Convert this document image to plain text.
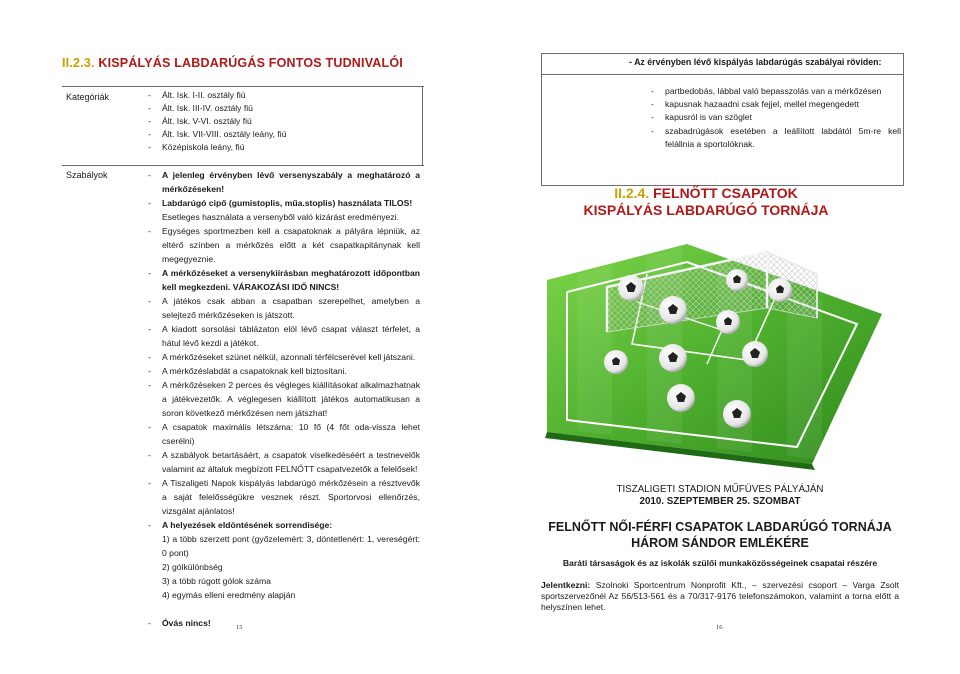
II.2.3. KISPÁLYÁS LABDARÚGÁS FONTOS TUDNIVALÓI
Kategóriák	- Ált. Isk. I-II. osztály fiú
- Ált. Isk. III-IV. osztály fiú
- Ált. Isk. V-VI. osztály fiú
- Ált. Isk. VII-VIII. osztály leány, fiú
- Középiskola leány, fiú
Szabályok	- A jelenleg érvényben lévő versenyszabály a meghatározó a mérkőzéseken!
- Labdarúgó cipő (gumistoplis, műa.stoplis) használata TILOS!
Esetleges használata a versenyből való kizárást eredményezi.
- Egységes sportmezben kell a csapatoknak a pályára lépniük, az eltérő színben a mérkőzés előtt a két csapatkapitánynak kell megegyeznie.
- A mérkőzéseket a versenykiírásban meghatározott időpontban kell megkezdeni. VÁRAKOZÁSI IDŐ NINCS!
- A játékos csak abban a csapatban szerepelhet, amelyben a selejtező mérkőzéseken is játszott.
- A kiadott sorsolási táblázaton elöl lévő csapat választ térfelet, a hátul lévő kezdi a játékot.
- A mérkőzéseket szünet nélkül, azonnali térfélcserével kell játszani.
- A mérkőzéslabdát a csapatoknak kell biztosítani.
- A mérkőzéseken 2 perces és végleges kiállításokat alkalmazhatnak a játékvezetők. A véglegesen kiállított játékos automatikusan a soron következő mérkőzésen nem játszhat!
- A csapatok maximális létszáma: 10 fő (4 főt oda-vissza lehet cserélni)
- A szabályok betartásáért, a csapatok viselkedéséért a testnevelők valamint az általuk megbízott FELNŐTT csapatvezetők a felelősek!
- A Tiszaligeti Napok kispályás labdarúgó mérkőzésein a résztvevők a saját felelősségükre vesznek részt. Sportorvosi ellenőrzés, vizsgálat ajánlatos!
- A helyezések eldöntésének sorrendisége:
1) a több szerzett pont (győzelemért: 3, döntetlenért: 1, vereségért: 0 pont)
2) gólkülönbség
3) a több rúgott gólok száma
4) egymás elleni eredmény alapján
- Óvás nincs!	15
- Az érvényben lévő kispályás labdarúgás szabályai röviden:
- partbedobás, lábbal való bepasszolás van a mérkőzésen
- kapusnak hazaadni csak fejjel, mellel megengedett
- kapusról is van szöglet
- szabadrúgások esetében a leállított labdától 5m-re kell felállnia a sportolóknak.
II.2.4. FELNŐTT CSAPATOK
KISPÁLYÁS LABDARÚGÓ TORNÁJA
TISZALIGETI STADION MŰFÜVES PÁLYÁJÁN
2010. SZEPTEMBER 25. SZOMBAT
FELNŐTT NŐI-FÉRFI CSAPATOK LABDARÚGÓ TORNÁJA
HÁROM SÁNDOR EMLÉKÉRE
Baráti társaságok és az iskolák szülői munkaközösségeinek csapatai részére
Jelentkezni: Szolnoki Sportcentrum Nonprofit Kft., – szervezési csoport – Varga Zsolt sportszervezőnél Az 56/513-561 és a 70/317-9176 telefonszámokon, valamint a torna előtt a helyszínen lehet.
16
